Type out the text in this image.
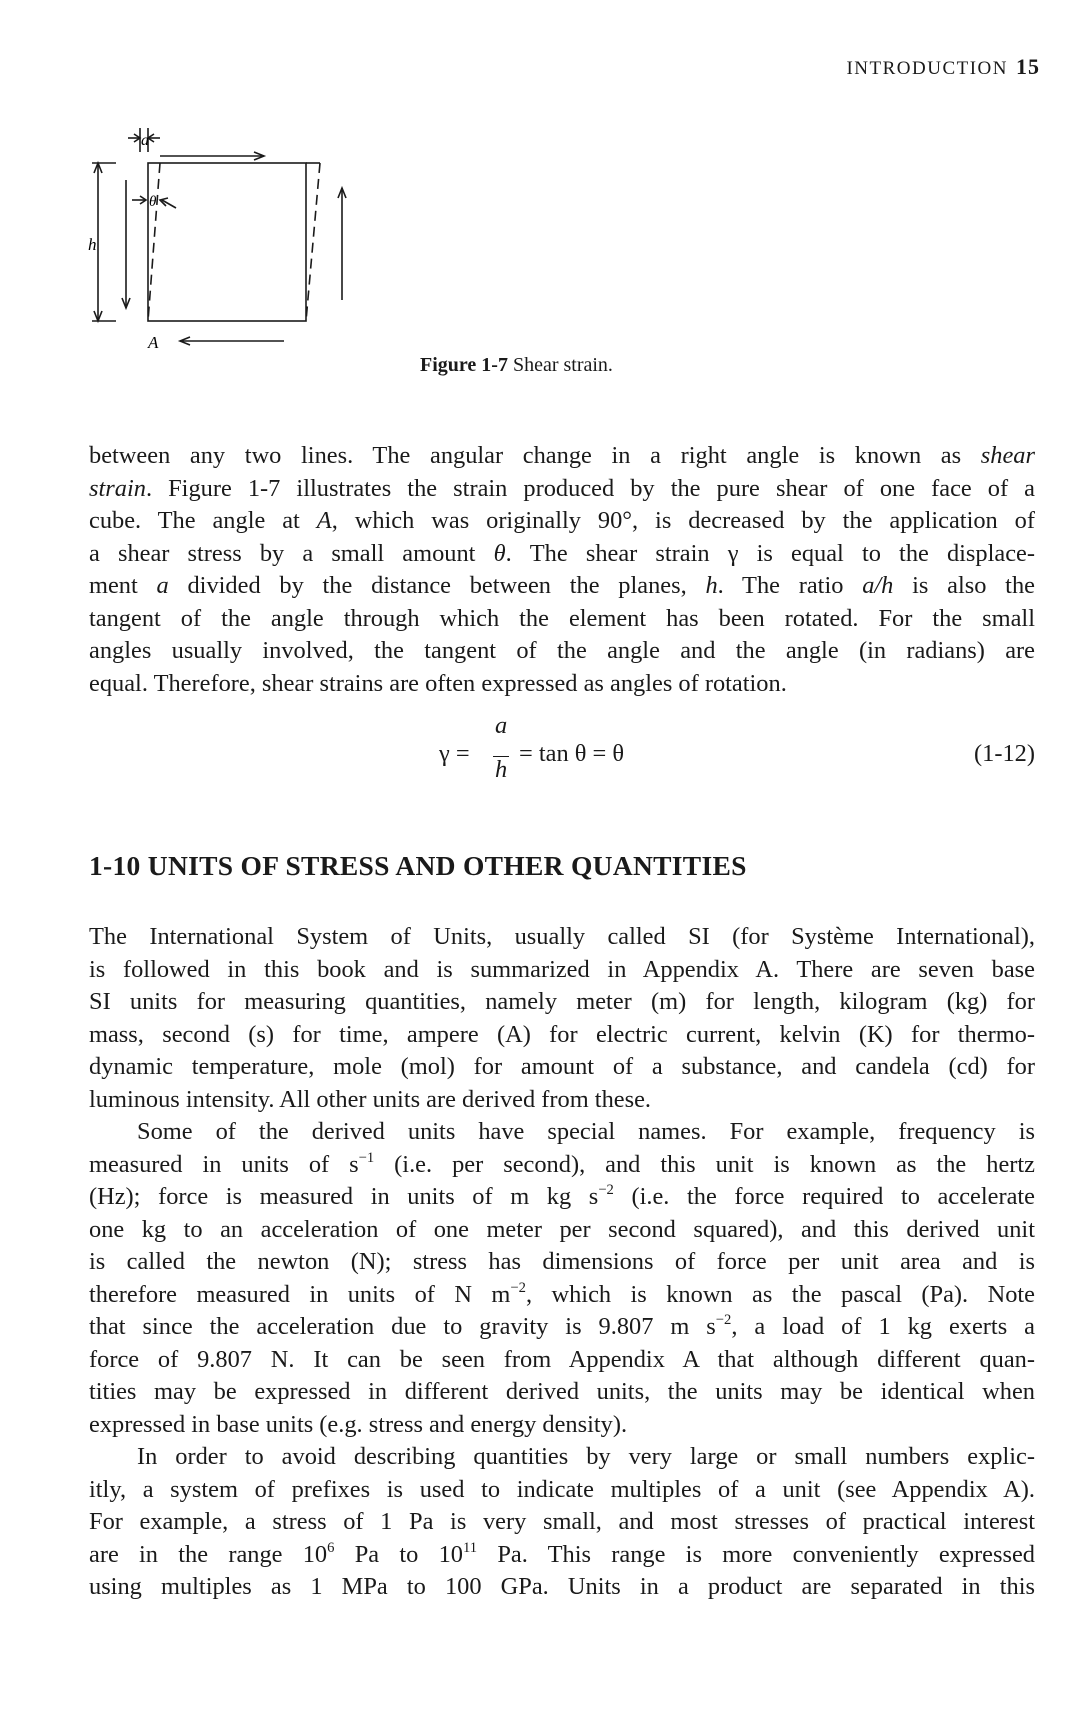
INTRODUCTION 15
a
θ
h
A
Figure 1-7 Shear strain.
between any two lines. The angular change in a right angle is known as shear
strain. Figure 1-7 illustrates the strain produced by the pure shear of one face of a
cube. The angle at A, which was originally 90°, is decreased by the application of
a shear stress by a small amount θ. The shear strain γ is equal to the displace-
ment a divided by the distance between the planes, h. The ratio a/h is also the
tangent of the angle through which the element has been rotated. For the small
angles usually involved, the tangent of the angle and the angle (in radians) are
equal. Therefore, shear strains are often expressed as angles of rotation.
γ =
a
h
= tan θ = θ	(1-12)
1-10 UNITS OF STRESS AND OTHER QUANTITIES
The International System of Units, usually called SI (for Système International),
is followed in this book and is summarized in Appendix A. There are seven base
SI units for measuring quantities, namely meter (m) for length, kilogram (kg) for
mass, second (s) for time, ampere (A) for electric current, kelvin (K) for thermo-
dynamic temperature, mole (mol) for amount of a substance, and candela (cd) for
luminous intensity. All other units are derived from these.
Some of the derived units have special names. For example, frequency is
measured in units of $s^{-1}$ (i.e. per second), and this unit is known as the hertz
(Hz); force is measured in units of m kg $s^{-2}$ (i.e. the force required to accelerate
one kg to an acceleration of one meter per second squared), and this derived unit
is called the newton (N); stress has dimensions of force per unit area and is
therefore measured in units of N $m^{-2}$, which is known as the pascal (Pa). Note
that since the acceleration due to gravity is 9.807 m $s^{-2}$, a load of 1 kg exerts a
force of 9.807 N. It can be seen from Appendix A that although different quan-
tities may be expressed in different derived units, the units may be identical when
expressed in base units (e.g. stress and energy density).
In order to avoid describing quantities by very large or small numbers explic-
itly, a system of prefixes is used to indicate multiples of a unit (see Appendix A).
For example, a stress of 1 Pa is very small, and most stresses of practical interest
are in the range $10^6$ Pa to $10^{11}$ Pa. This range is more conveniently expressed
using multiples as 1 MPa to 100 GPa. Units in a product are separated in this
